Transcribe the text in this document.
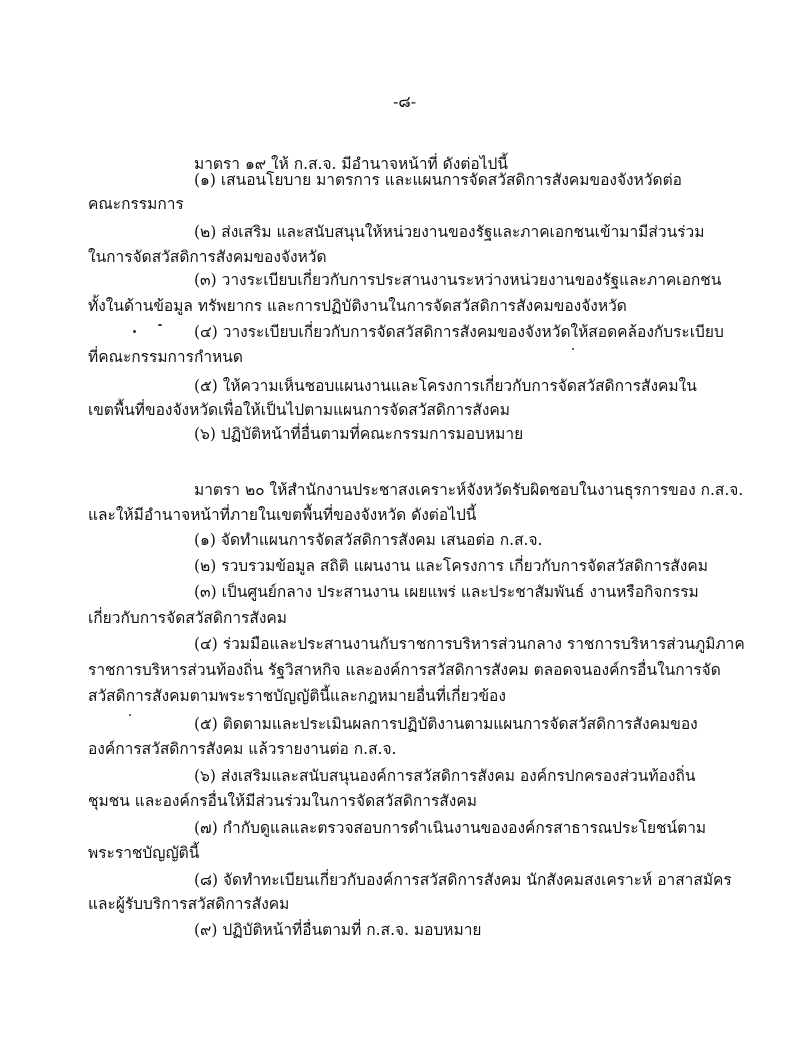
-๘-
มาตรา ๑๙ ให้ ก.ส.จ. มีอำนาจหน้าที่ ดังต่อไปนี้
(๑) เสนอนโยบาย มาตรการ และแผนการจัดสวัสดิการสังคมของจังหวัดต่อ
คณะกรรมการ
(๒) ส่งเสริม และสนับสนุนให้หน่วยงานของรัฐและภาคเอกชนเข้ามามีส่วนร่วม
ในการจัดสวัสดิการสังคมของจังหวัด
(๓) วางระเบียบเกี่ยวกับการประสานงานระหว่างหน่วยงานของรัฐและภาคเอกชน
ทั้งในด้านข้อมูล ทรัพยากร และการปฏิบัติงานในการจัดสวัสดิการสังคมของจังหวัด
(๔) วางระเบียบเกี่ยวกับการจัดสวัสดิการสังคมของจังหวัดให้สอดคล้องกับระเบียบ
ที่คณะกรรมการกำหนด
(๕) ให้ความเห็นชอบแผนงานและโครงการเกี่ยวกับการจัดสวัสดิการสังคมใน
เขตพื้นที่ของจังหวัดเพื่อให้เป็นไปตามแผนการจัดสวัสดิการสังคม
(๖) ปฏิบัติหน้าที่อื่นตามที่คณะกรรมการมอบหมาย
มาตรา ๒๐ ให้สำนักงานประชาสงเคราะห์จังหวัดรับผิดชอบในงานธุรการของ ก.ส.จ.
และให้มีอำนาจหน้าที่ภายในเขตพื้นที่ของจังหวัด ดังต่อไปนี้
(๑) จัดทำแผนการจัดสวัสดิการสังคม เสนอต่อ ก.ส.จ.
(๒) รวบรวมข้อมูล สถิติ แผนงาน และโครงการ เกี่ยวกับการจัดสวัสดิการสังคม
(๓) เป็นศูนย์กลาง ประสานงาน เผยแพร่ และประชาสัมพันธ์ งานหรือกิจกรรม
เกี่ยวกับการจัดสวัสดิการสังคม
(๔) ร่วมมือและประสานงานกับราชการบริหารส่วนกลาง ราชการบริหารส่วนภูมิภาค
ราชการบริหารส่วนท้องถิ่น รัฐวิสาหกิจ และองค์การสวัสดิการสังคม ตลอดจนองค์กรอื่นในการจัด
สวัสดิการสังคมตามพระราชบัญญัตินี้และกฎหมายอื่นที่เกี่ยวข้อง
(๕) ติดตามและประเมินผลการปฏิบัติงานตามแผนการจัดสวัสดิการสังคมของ
องค์การสวัสดิการสังคม แล้วรายงานต่อ ก.ส.จ.
(๖) ส่งเสริมและสนับสนุนองค์การสวัสดิการสังคม องค์กรปกครองส่วนท้องถิ่น
ชุมชน และองค์กรอื่นให้มีส่วนร่วมในการจัดสวัสดิการสังคม
(๗) กำกับดูแลและตรวจสอบการดำเนินงานขององค์กรสาธารณประโยชน์ตาม
พระราชบัญญัตินี้
(๘) จัดทำทะเบียนเกี่ยวกับองค์การสวัสดิการสังคม นักสังคมสงเคราะห์ อาสาสมัคร
และผู้รับบริการสวัสดิการสังคม
(๙) ปฏิบัติหน้าที่อื่นตามที่ ก.ส.จ. มอบหมาย
